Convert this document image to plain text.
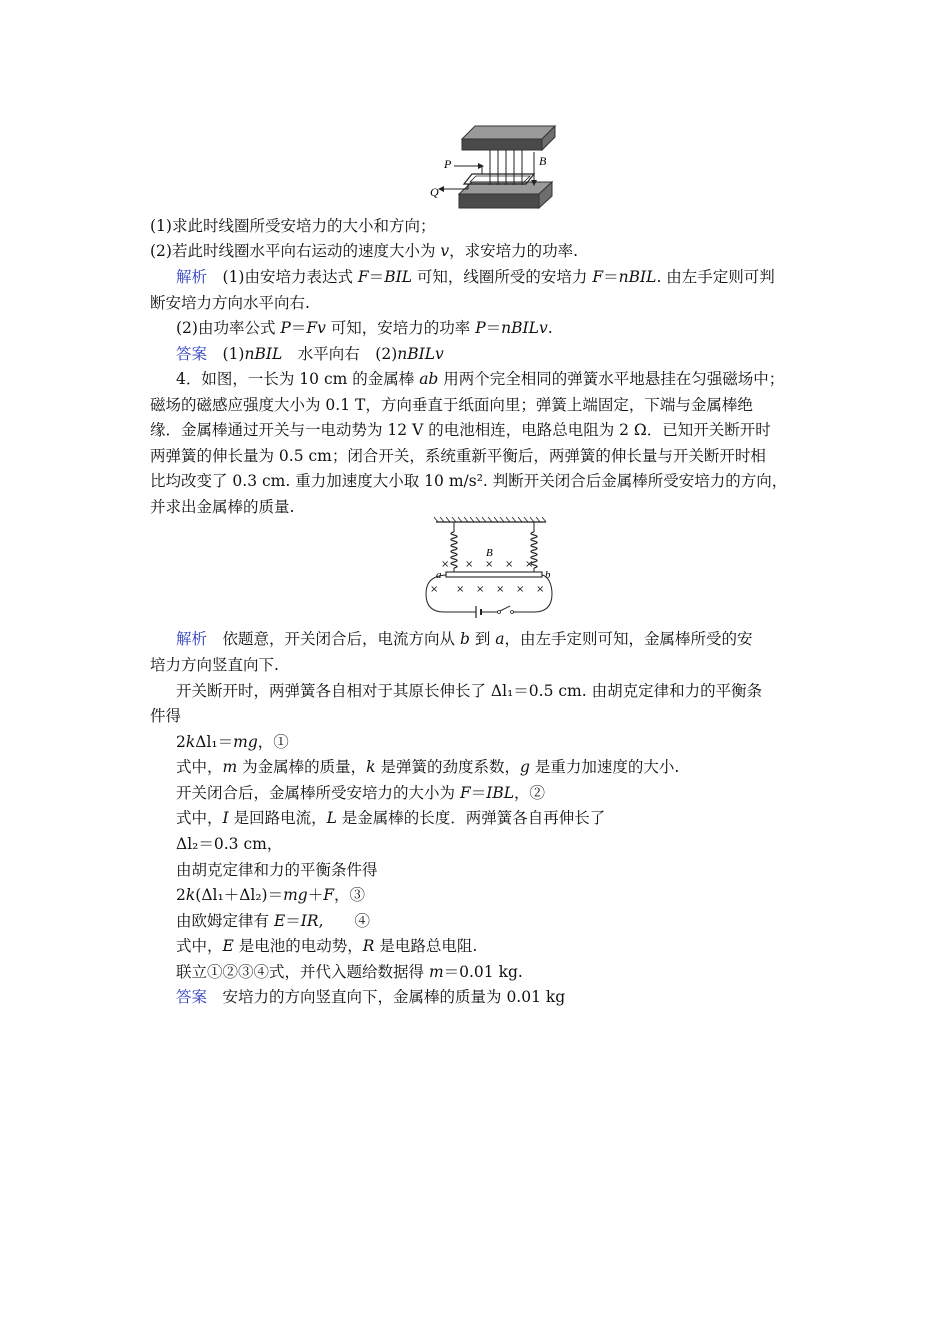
P
Q
B
(1)求此时线圈所受安培力的大小和方向；
(2)若此时线圈水平向右运动的速度大小为 v，求安培力的功率.
解析　(1)由安培力表达式 F＝BIL 可知，线圈所受的安培力 F＝nBIL. 由左手定则可判
断安培力方向水平向右.
(2)由功率公式 P＝Fv 可知，安培力的功率 P＝nBILv.
答案　(1)nBIL　水平向右　(2)nBILv
4．如图，一长为 10 cm 的金属棒 ab 用两个完全相同的弹簧水平地悬挂在匀强磁场中；
磁场的磁感应强度大小为 0.1 T，方向垂直于纸面向里；弹簧上端固定，下端与金属棒绝
缘．金属棒通过开关与一电动势为 12 V 的电池相连，电路总电阻为 2 Ω．已知开关断开时
两弹簧的伸长量为 0.5 cm；闭合开关，系统重新平衡后，两弹簧的伸长量与开关断开时相
比均改变了 0.3 cm. 重力加速度大小取 10 m/s². 判断开关闭合后金属棒所受安培力的方向，
并求出金属棒的质量.
× × × × ×
× × × × ×
×
B
a	b
解析　依题意，开关闭合后，电流方向从 b 到 a，由左手定则可知，金属棒所受的安
培力方向竖直向下.
开关断开时，两弹簧各自相对于其原长伸长了 Δl₁＝0.5 cm. 由胡克定律和力的平衡条
件得
2kΔl₁＝mg，①
式中，m 为金属棒的质量，k 是弹簧的劲度系数，g 是重力加速度的大小.
开关闭合后，金属棒所受安培力的大小为 F＝IBL，②
式中，I 是回路电流，L 是金属棒的长度．两弹簧各自再伸长了
Δl₂＝0.3 cm，
由胡克定律和力的平衡条件得
2k(Δl₁＋Δl₂)＝mg＋F，③
由欧姆定律有 E＝IR,　　④
式中，E 是电池的电动势，R 是电路总电阻.
联立①②③④式，并代入题给数据得 m＝0.01 kg.
答案　安培力的方向竖直向下，金属棒的质量为 0.01 kg
